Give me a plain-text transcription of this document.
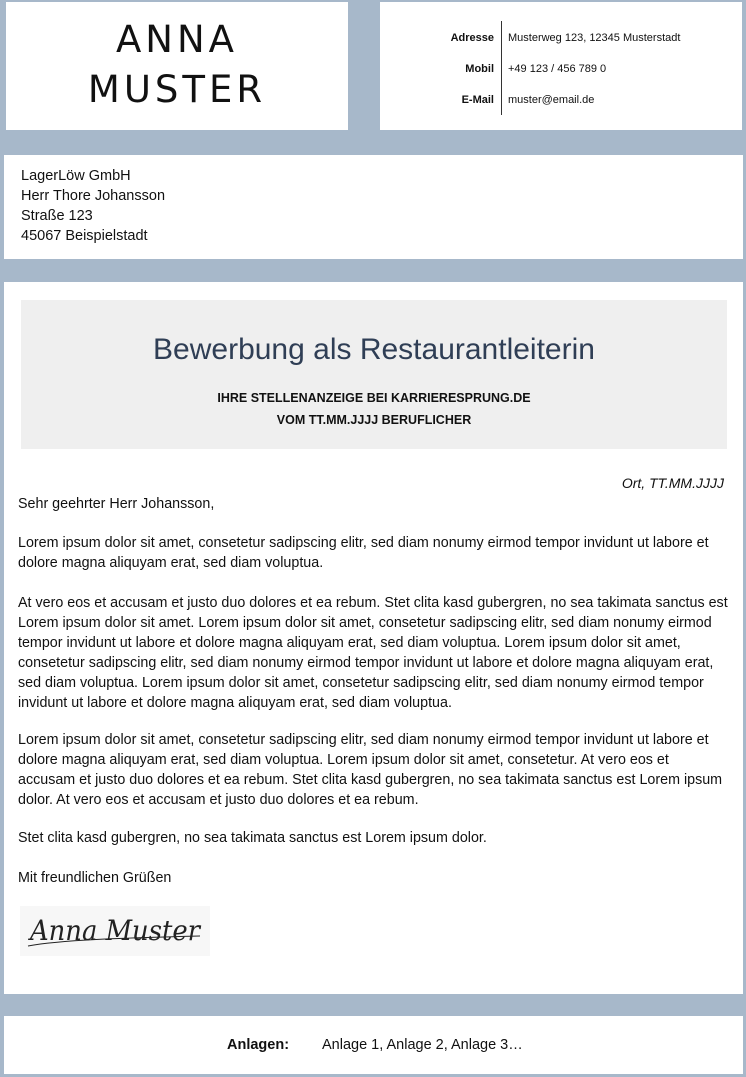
ANNA
MUSTER
Adresse Musterweg 123, 12345 Musterstadt
Mobil +49 123 / 456 789 0
E-Mail muster@email.de
LagerLöw GmbH
Herr Thore Johansson
Straße 123
45067 Beispielstadt
Bewerbung als Restaurantleiterin
IHRE STELLENANZEIGE BEI KARRIERESPRUNG.DE
VOM TT.MM.JJJJ BERUFLICHER
Ort, TT.MM.JJJJ
Sehr geehrter Herr Johansson,
Lorem ipsum dolor sit amet, consetetur sadipscing elitr, sed diam nonumy eirmod tempor invidunt ut labore et dolore magna aliquyam erat, sed diam voluptua.
At vero eos et accusam et justo duo dolores et ea rebum. Stet clita kasd gubergren, no sea takimata sanctus est Lorem ipsum dolor sit amet. Lorem ipsum dolor sit amet, consetetur sadipscing elitr, sed diam nonumy eirmod tempor invidunt ut labore et dolore magna aliquyam erat, sed diam voluptua. Lorem ipsum dolor sit amet, consetetur sadipscing elitr, sed diam nonumy eirmod tempor invidunt ut labore et dolore magna aliquyam erat, sed diam voluptua. Lorem ipsum dolor sit amet, consetetur sadipscing elitr, sed diam nonumy eirmod tempor invidunt ut labore et dolore magna aliquyam erat, sed diam voluptua.
Lorem ipsum dolor sit amet, consetetur sadipscing elitr, sed diam nonumy eirmod tempor invidunt ut labore et dolore magna aliquyam erat, sed diam voluptua. Lorem ipsum dolor sit amet, consetetur. At vero eos et accusam et justo duo dolores et ea rebum. Stet clita kasd gubergren, no sea takimata sanctus est Lorem ipsum dolor. At vero eos et accusam et justo duo dolores et ea rebum.
Stet clita kasd gubergren, no sea takimata sanctus est Lorem ipsum dolor.
Mit freundlichen Grüßen
Anna Muster
Anlagen: Anlage 1, Anlage 2, Anlage 3…
